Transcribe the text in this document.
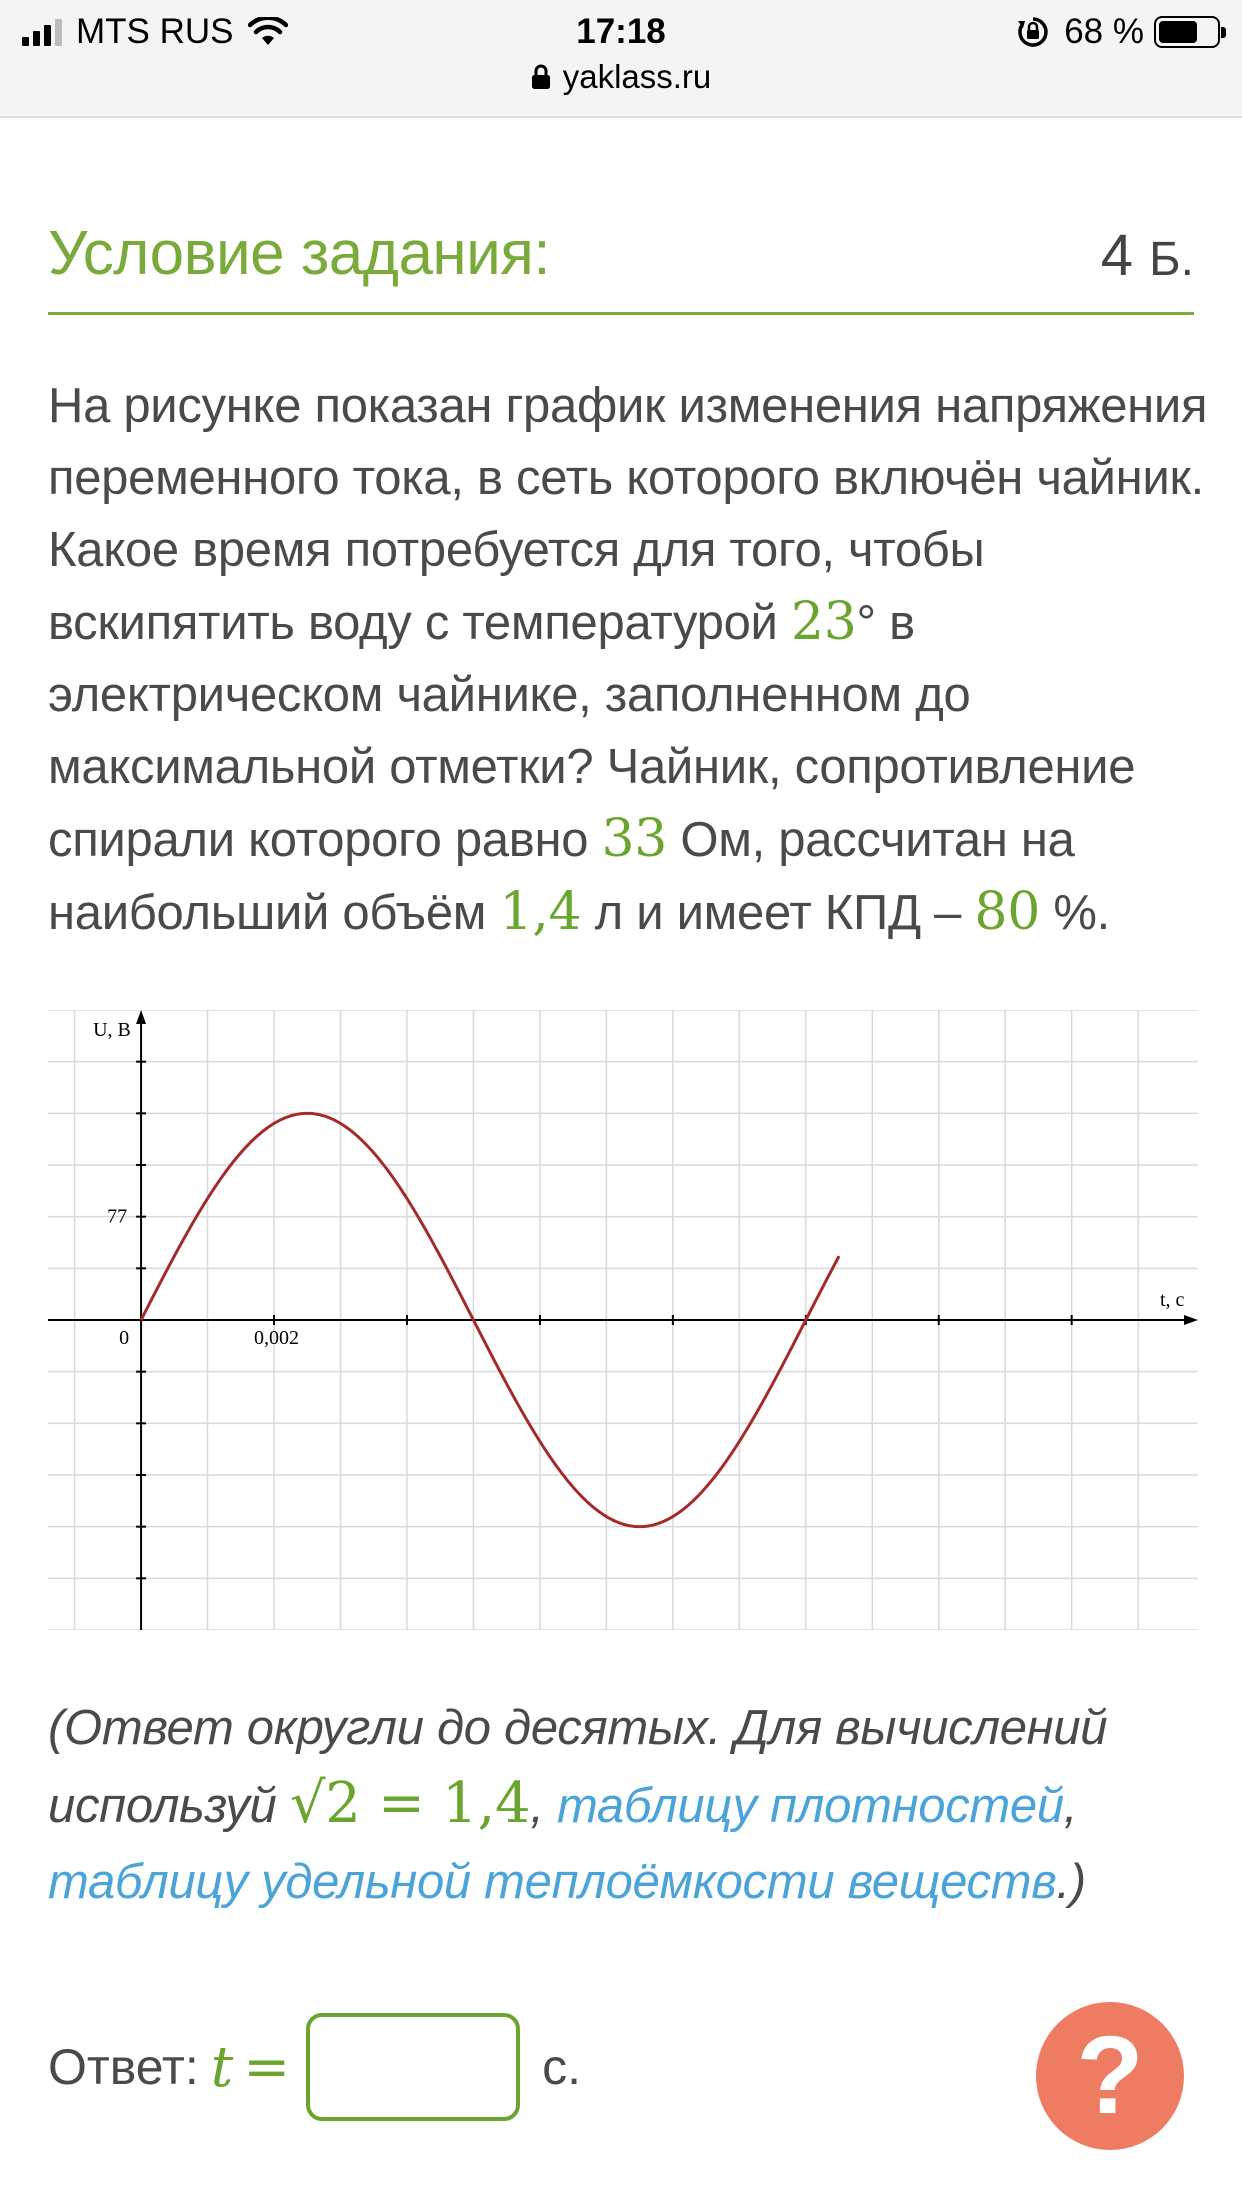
MTS RUS	17:18	68 %
yaklass.ru
Условие задания:	4 Б.
На рисунке показан график изменения напряжения переменного тока, в сеть которого включён чайник. Какое время потребуется для того, чтобы вскипятить воду с температурой 23° в электрическом чайнике, заполненном до максимальной отметки? Чайник, сопротивление спирали которого равно 33 Ом, рассчитан на наибольший объём 1,4 л и имеет КПД – 80 %.
U, В
t, с
0	0,002
77
(Ответ округли до десятых. Для вычислений используй √2 = 1,4, таблицу плотностей, таблицу удельной теплоёмкости веществ.)
Ответ: t =	с.	?
